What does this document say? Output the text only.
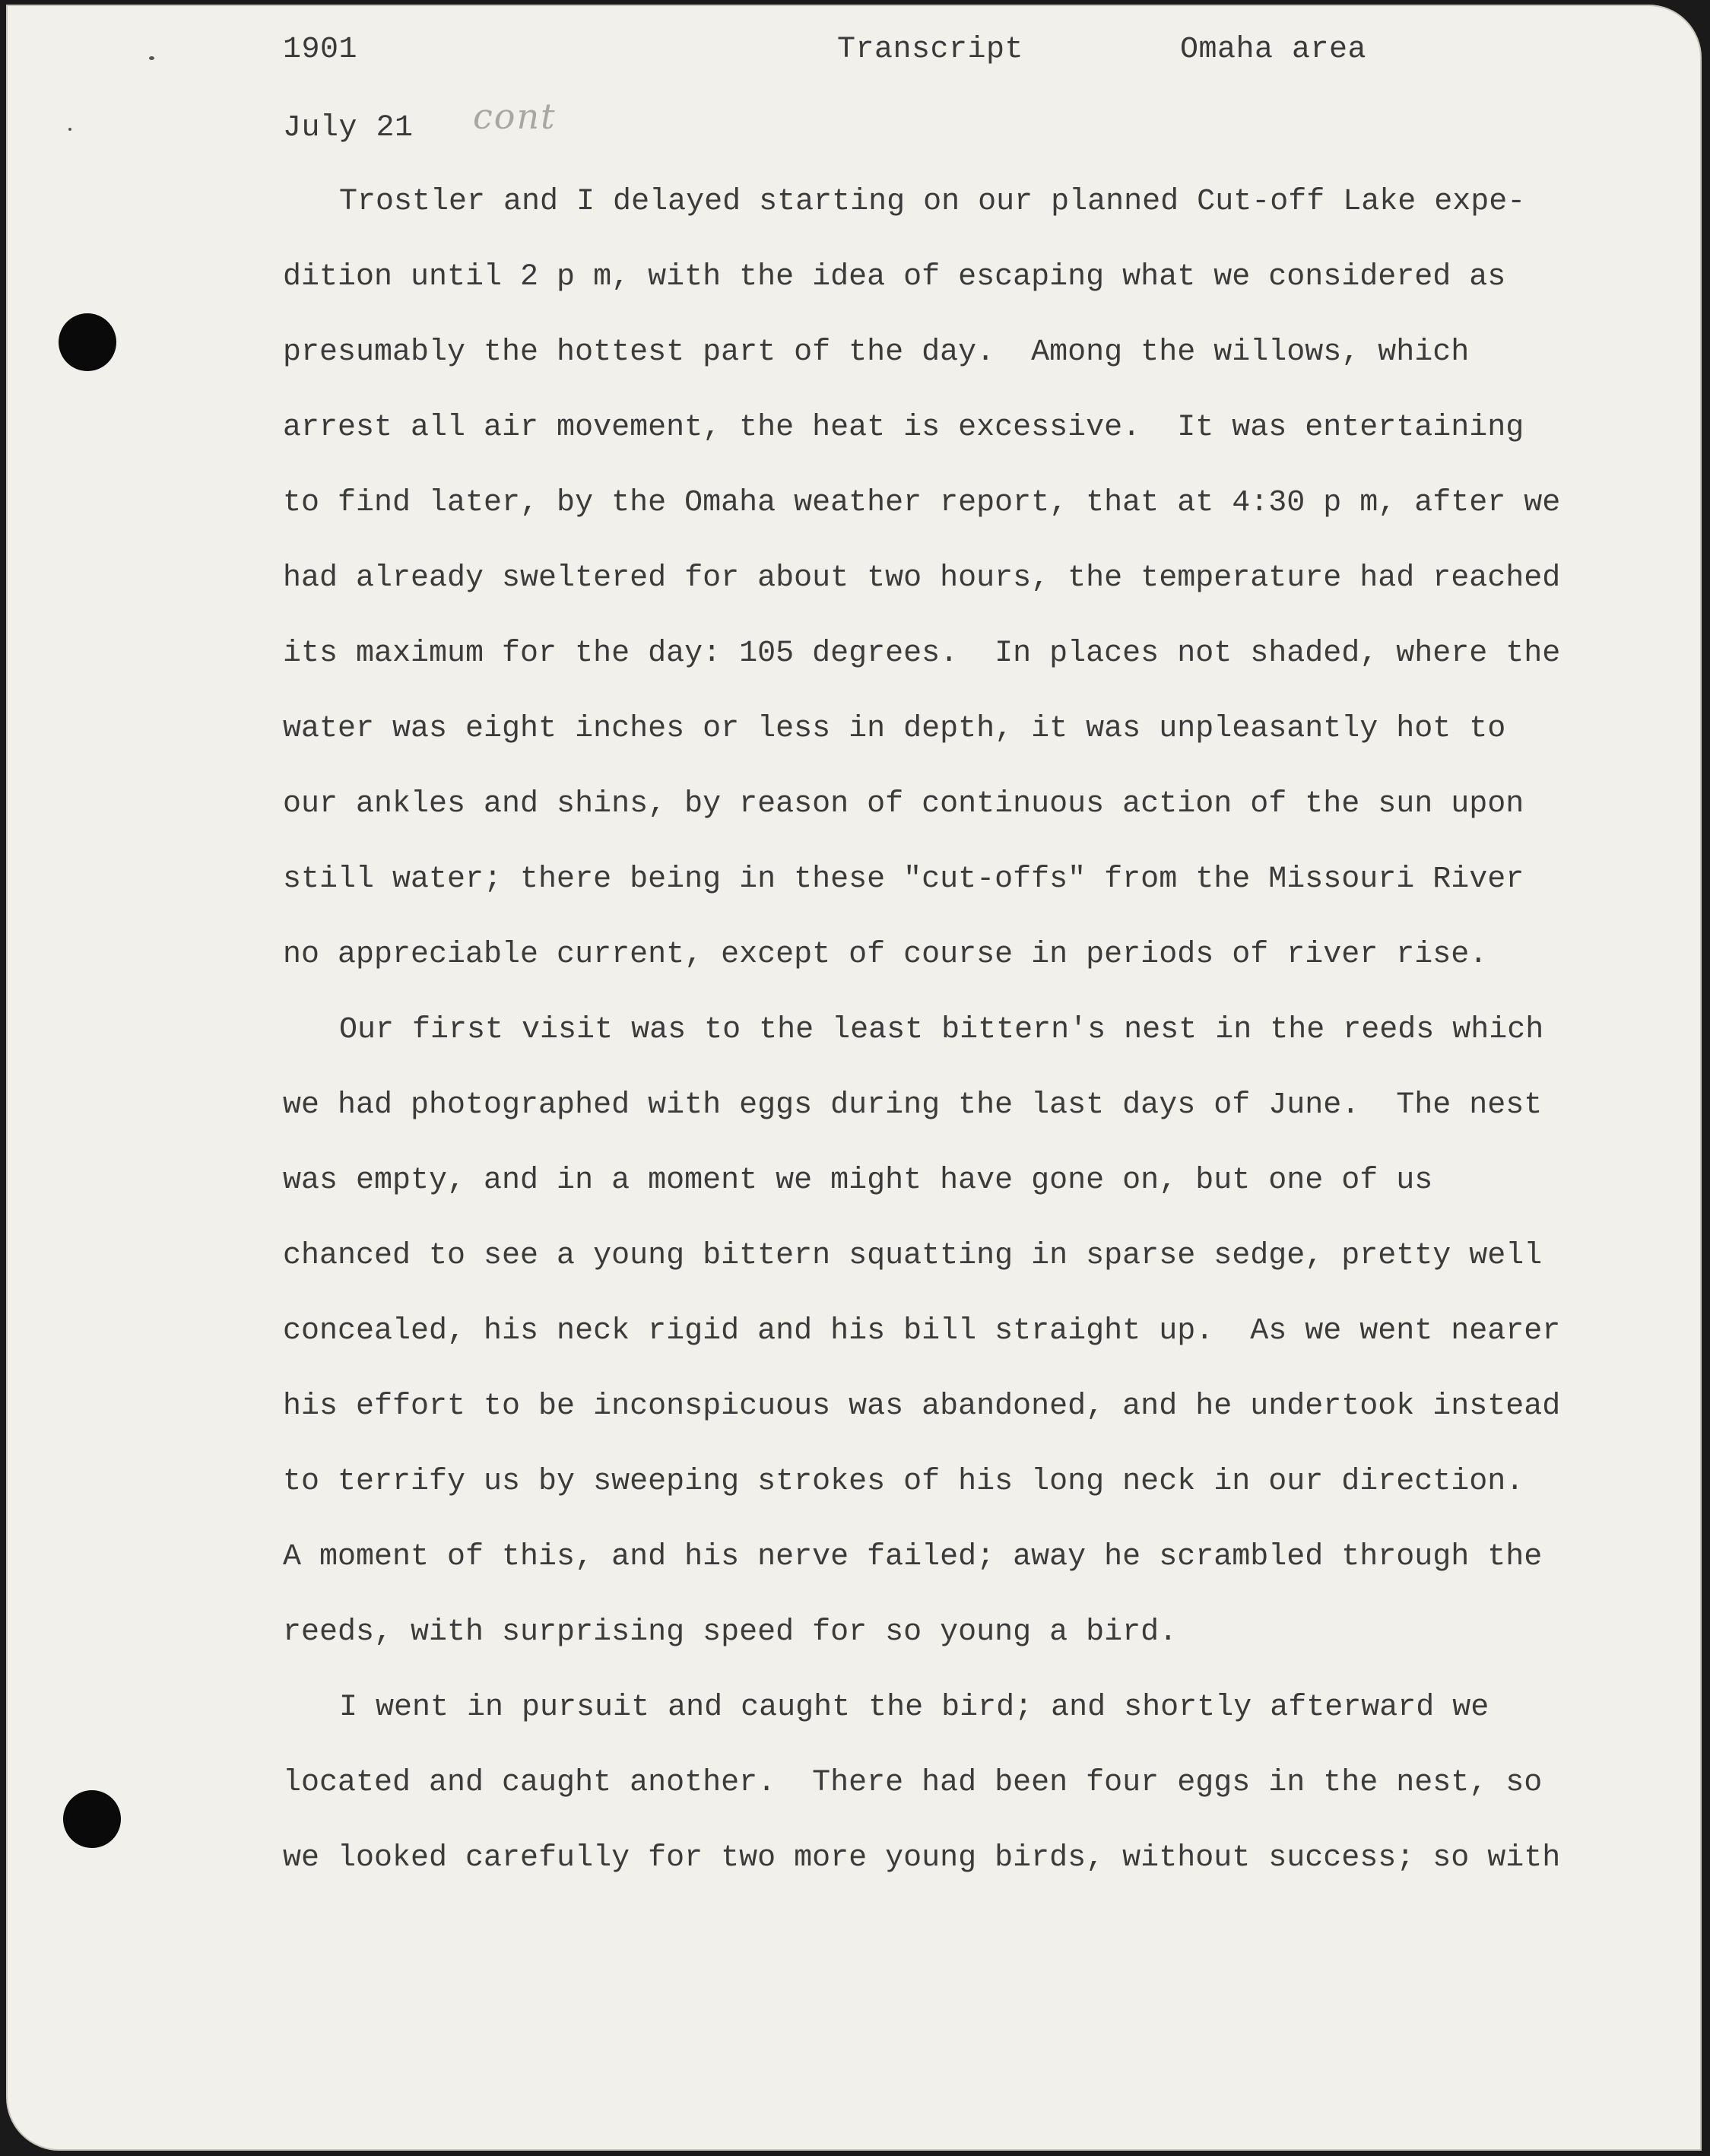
1901	Transcript	Omaha area
July 21 cont
Trostler and I delayed starting on our planned Cut-off Lake expe-
dition until 2 p m, with the idea of escaping what we considered as
presumably the hottest part of the day.  Among the willows, which
arrest all air movement, the heat is excessive.  It was entertaining
to find later, by the Omaha weather report, that at 4:30 p m, after we
had already sweltered for about two hours, the temperature had reached
its maximum for the day: 105 degrees.  In places not shaded, where the
water was eight inches or less in depth, it was unpleasantly hot to
our ankles and shins, by reason of continuous action of the sun upon
still water; there being in these "cut-offs" from the Missouri River
no appreciable current, except of course in periods of river rise.
Our first visit was to the least bittern's nest in the reeds which
we had photographed with eggs during the last days of June.  The nest
was empty, and in a moment we might have gone on, but one of us
chanced to see a young bittern squatting in sparse sedge, pretty well
concealed, his neck rigid and his bill straight up.  As we went nearer
his effort to be inconspicuous was abandoned, and he undertook instead
to terrify us by sweeping strokes of his long neck in our direction.
A moment of this, and his nerve failed; away he scrambled through the
reeds, with surprising speed for so young a bird.
I went in pursuit and caught the bird; and shortly afterward we
located and caught another.  There had been four eggs in the nest, so
we looked carefully for two more young birds, without success; so with
